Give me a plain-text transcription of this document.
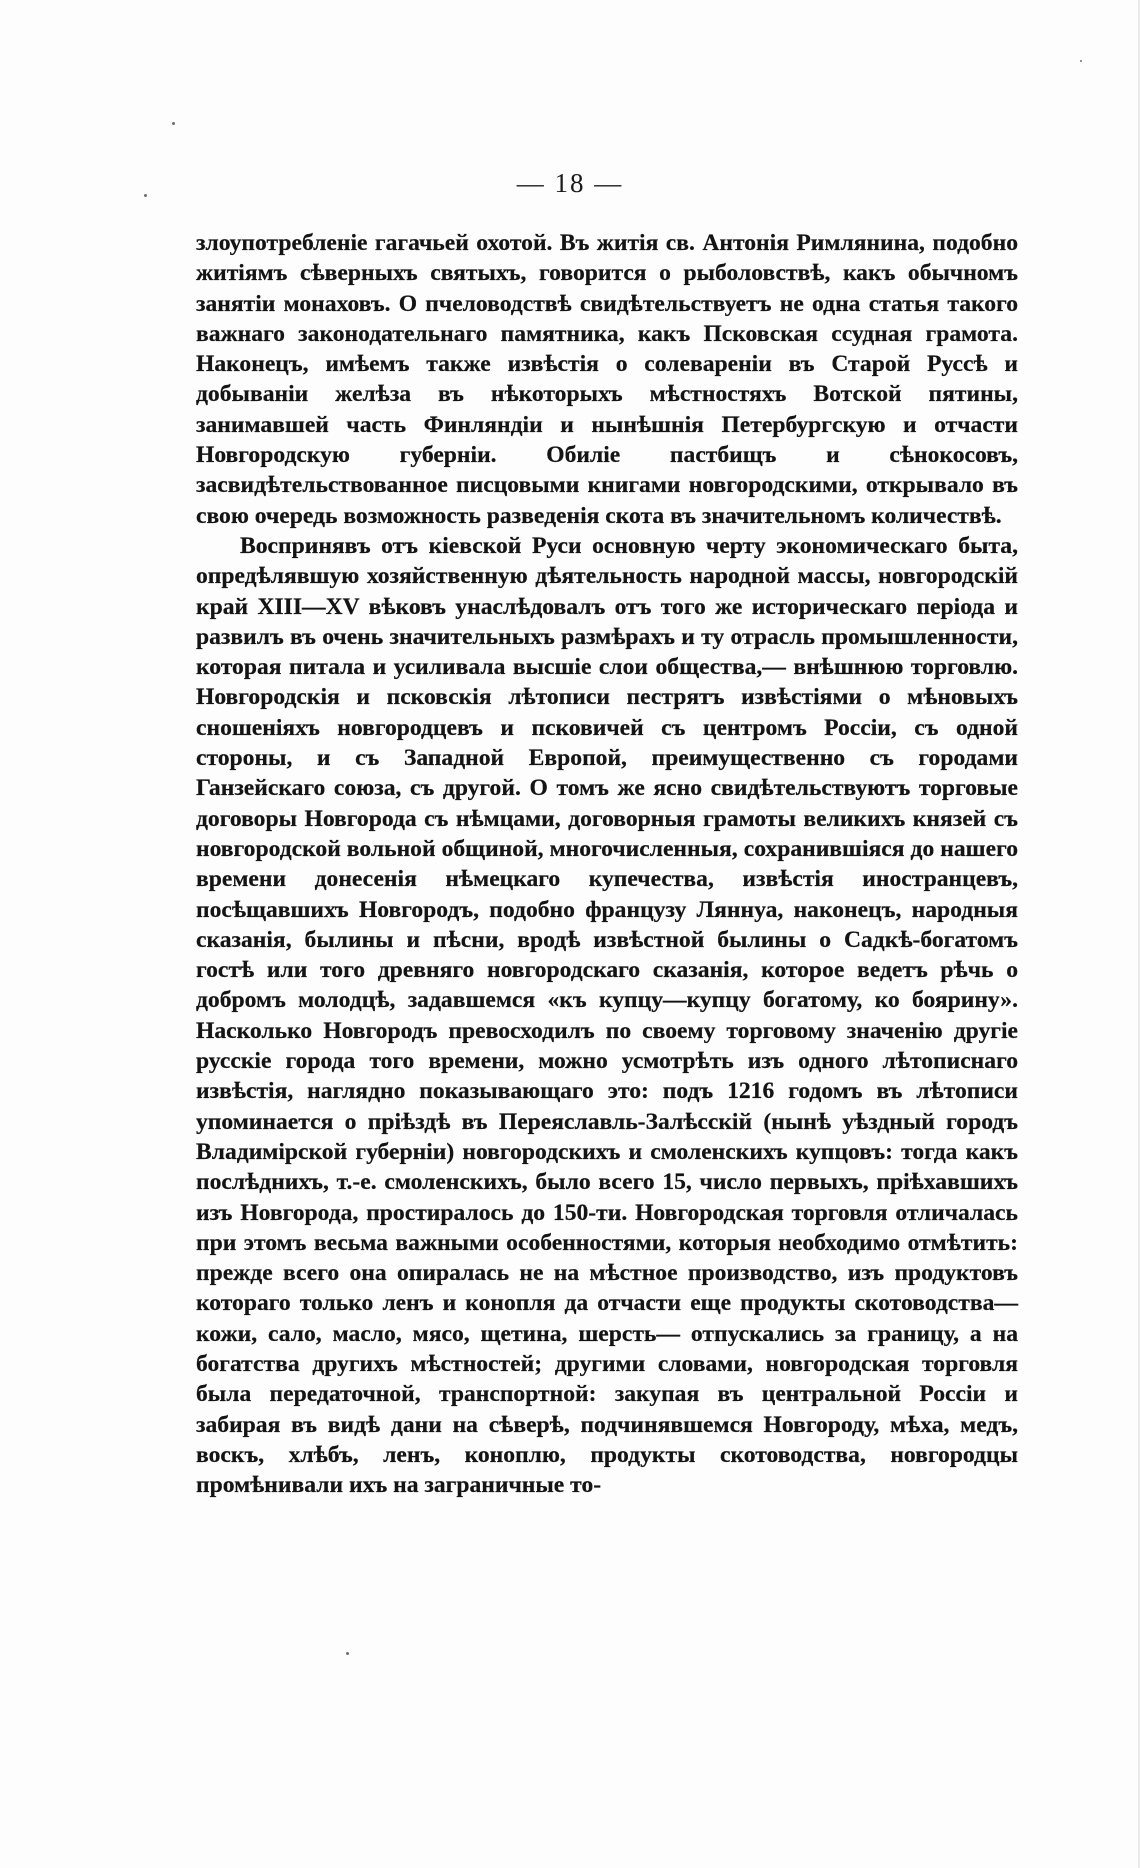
— 18 —

злоупотребленіе гагачьей охотой. Въ житія св. Антонія Римлянина, подобно житіямъ сѣверныхъ святыхъ, говорится о рыболовствѣ, какъ обычномъ занятіи монаховъ. О пчеловодствѣ свидѣтельствуетъ не одна статья такого важнаго законодательнаго памятника, какъ Псковская ссудная грамота. Наконецъ, имѣемъ также извѣстія о солевареніи въ Старой Руссѣ и добываніи желѣза въ нѣкоторыхъ мѣстностяхъ Вотской пятины, занимавшей часть Финляндіи и нынѣшнія Петербургскую и отчасти Новгородскую губерніи. Обиліе пастбищъ и сѣнокосовъ, засвидѣтельствованное писцовыми книгами новгородскими, открывало въ свою очередь возможность разведенія скота въ значительномъ количествѣ.

Воспринявъ отъ кіевской Руси основную черту экономическаго быта, опредѣлявшую хозяйственную дѣятельность народной массы, новгородскій край XIII—XV вѣковъ унаслѣдовалъ отъ того же историческаго періода и развилъ въ очень значительныхъ размѣрахъ и ту отрасль промышленности, которая питала и усиливала высшіе слои общества,— внѣшнюю торговлю. Новгородскія и псковскія лѣтописи пестрятъ извѣстіями о мѣновыхъ сношеніяхъ новгородцевъ и псковичей съ центромъ Россіи, съ одной стороны, и съ Западной Европой, преимущественно съ городами Ганзейскаго союза, съ другой. О томъ же ясно свидѣтельствуютъ торговые договоры Новгорода съ нѣмцами, договорныя грамоты великихъ князей съ новгородской вольной общиной, многочисленныя, сохранившіяся до нашего времени донесенія нѣмецкаго купечества, извѣстія иностранцевъ, посѣщавшихъ Новгородъ, подобно французу Ляннуа, наконецъ, народныя сказанія, былины и пѣсни, вродѣ извѣстной былины о Садкѣ-богатомъ гостѣ или того древняго новгородскаго сказанія, которое ведетъ рѣчь о добромъ молодцѣ, задавшемся «къ купцу—купцу богатому, ко боярину». Насколько Новгородъ превосходилъ по своему торговому значенію другіе русскіе города того времени, можно усмотрѣть изъ одного лѣтописнаго извѣстія, наглядно показывающаго это: подъ 1216 годомъ въ лѣтописи упоминается о пріѣздѣ въ Переяславль-Залѣсскій (нынѣ уѣздный городъ Владимірской губерніи) новгородскихъ и смоленскихъ купцовъ: тогда какъ послѣднихъ, т.-е. смоленскихъ, было всего 15, число первыхъ, пріѣхавшихъ изъ Новгорода, простиралось до 150-ти. Новгородская торговля отличалась при этомъ весьма важными особенностями, которыя необходимо отмѣтить: прежде всего она опиралась не на мѣстное производство, изъ продуктовъ котораго только ленъ и конопля да отчасти еще продукты скотоводства—кожи, сало, масло, мясо, щетина, шерсть— отпускались за границу, а на богатства другихъ мѣстностей; другими словами, новгородская торговля была передаточной, транспортной: закупая въ центральной Россіи и забирая въ видѣ дани на сѣверѣ, подчинявшемся Новгороду, мѣха, медъ, воскъ, хлѣбъ, ленъ, коноплю, продукты скотоводства, новгородцы промѣнивали ихъ на заграничные то-
